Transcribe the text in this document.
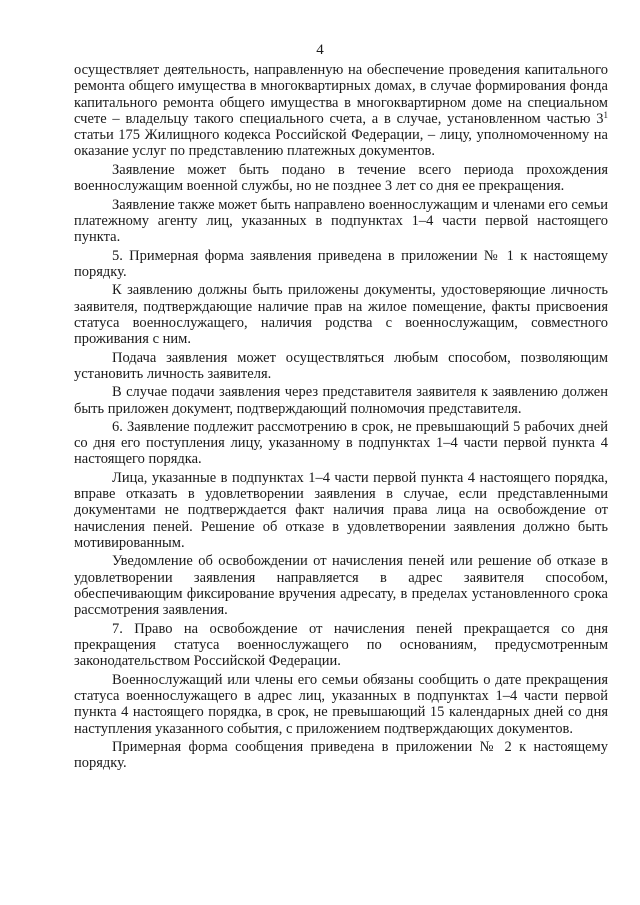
4

осуществляет деятельность, направленную на обеспечение проведения капитального ремонта общего имущества в многоквартирных домах, в случае формирования фонда капитального ремонта общего имущества в многоквартирном доме на специальном счете – владельцу такого специального счета, а в случае, установленном частью $3^1$ статьи 175 Жилищного кодекса Российской Федерации, – лицу, уполномоченному на оказание услуг по представлению платежных документов.

Заявление может быть подано в течение всего периода прохождения военнослужащим военной службы, но не позднее 3 лет со дня ее прекращения.

Заявление также может быть направлено военнослужащим и членами его семьи платежному агенту лиц, указанных в подпунктах 1–4 части первой настоящего пункта.

5. Примерная форма заявления приведена в приложении № 1 к настоящему порядку.

К заявлению должны быть приложены документы, удостоверяющие личность заявителя, подтверждающие наличие прав на жилое помещение, факты присвоения статуса военнослужащего, наличия родства с военнослужащим, совместного проживания с ним.

Подача заявления может осуществляться любым способом, позволяющим установить личность заявителя.

В случае подачи заявления через представителя заявителя к заявлению должен быть приложен документ, подтверждающий полномочия представителя.

6. Заявление подлежит рассмотрению в срок, не превышающий 5 рабочих дней со дня его поступления лицу, указанному в подпунктах 1–4 части первой пункта 4 настоящего порядка.

Лица, указанные в подпунктах 1–4 части первой пункта 4 настоящего порядка, вправе отказать в удовлетворении заявления в случае, если представленными документами не подтверждается факт наличия права лица на освобождение от начисления пеней. Решение об отказе в удовлетворении заявления должно быть мотивированным.

Уведомление об освобождении от начисления пеней или решение об отказе в удовлетворении заявления направляется в адрес заявителя способом, обеспечивающим фиксирование вручения адресату, в пределах установленного срока рассмотрения заявления.

7. Право на освобождение от начисления пеней прекращается со дня прекращения статуса военнослужащего по основаниям, предусмотренным законодательством Российской Федерации.

Военнослужащий или члены его семьи обязаны сообщить о дате прекращения статуса военнослужащего в адрес лиц, указанных в подпунктах 1–4 части первой пункта 4 настоящего порядка, в срок, не превышающий 15 календарных дней со дня наступления указанного события, с приложением подтверждающих документов.

Примерная форма сообщения приведена в приложении № 2 к настоящему порядку.
